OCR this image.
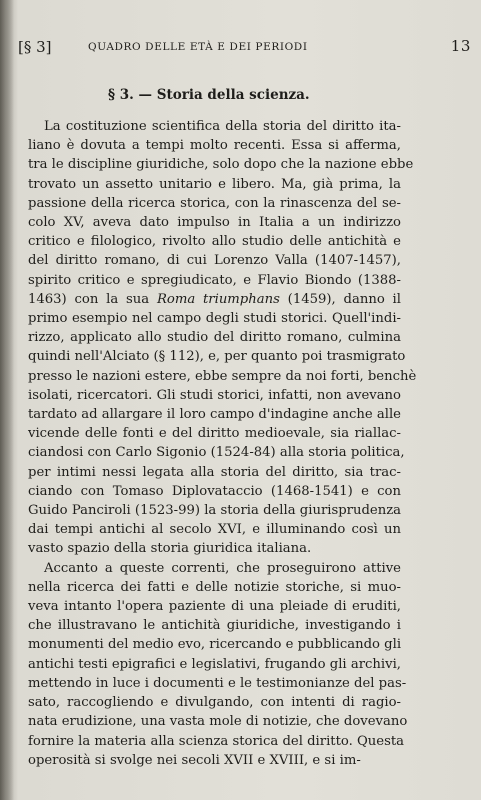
[§ 3]	QUADRO DELLE ETÀ E DEI PERIODI	13
§ 3. — Storia della scienza.
La costituzione scientifica della storia del diritto ita-
liano è dovuta a tempi molto recenti. Essa si afferma,
tra le discipline giuridiche, solo dopo che la nazione ebbe
trovato un assetto unitario e libero. Ma, già prima, la
passione della ricerca storica, con la rinascenza del se-
colo XV, aveva dato impulso in Italia a un indirizzo
critico e filologico, rivolto allo studio delle antichità e
del diritto romano, di cui Lorenzo Valla (1407-1457),
spirito critico e spregiudicato, e Flavio Biondo (1388-
1463) con la sua Roma triumphans (1459), danno il
primo esempio nel campo degli studi storici. Quell'indi-
rizzo, applicato allo studio del diritto romano, culmina
quindi nell'Alciato (§ 112), e, per quanto poi trasmigrato
presso le nazioni estere, ebbe sempre da noi forti, benchè
isolati, ricercatori. Gli studi storici, infatti, non avevano
tardato ad allargare il loro campo d'indagine anche alle
vicende delle fonti e del diritto medioevale, sia riallac-
ciandosi con Carlo Sigonio (1524-84) alla storia politica,
per intimi nessi legata alla storia del diritto, sia trac-
ciando con Tomaso Diplovataccio (1468-1541) e con
Guido Panciroli (1523-99) la storia della giurisprudenza
dai tempi antichi al secolo XVI, e illuminando così un
vasto spazio della storia giuridica italiana.
Accanto a queste correnti, che proseguirono attive
nella ricerca dei fatti e delle notizie storiche, si muo-
veva intanto l'opera paziente di una pleiade di eruditi,
che illustravano le antichità giuridiche, investigando i
monumenti del medio evo, ricercando e pubblicando gli
antichi testi epigrafici e legislativi, frugando gli archivi,
mettendo in luce i documenti e le testimonianze del pas-
sato, raccogliendo e divulgando, con intenti di ragio-
nata erudizione, una vasta mole di notizie, che dovevano
fornire la materia alla scienza storica del diritto. Questa
operosità si svolge nei secoli XVII e XVIII, e si im-
